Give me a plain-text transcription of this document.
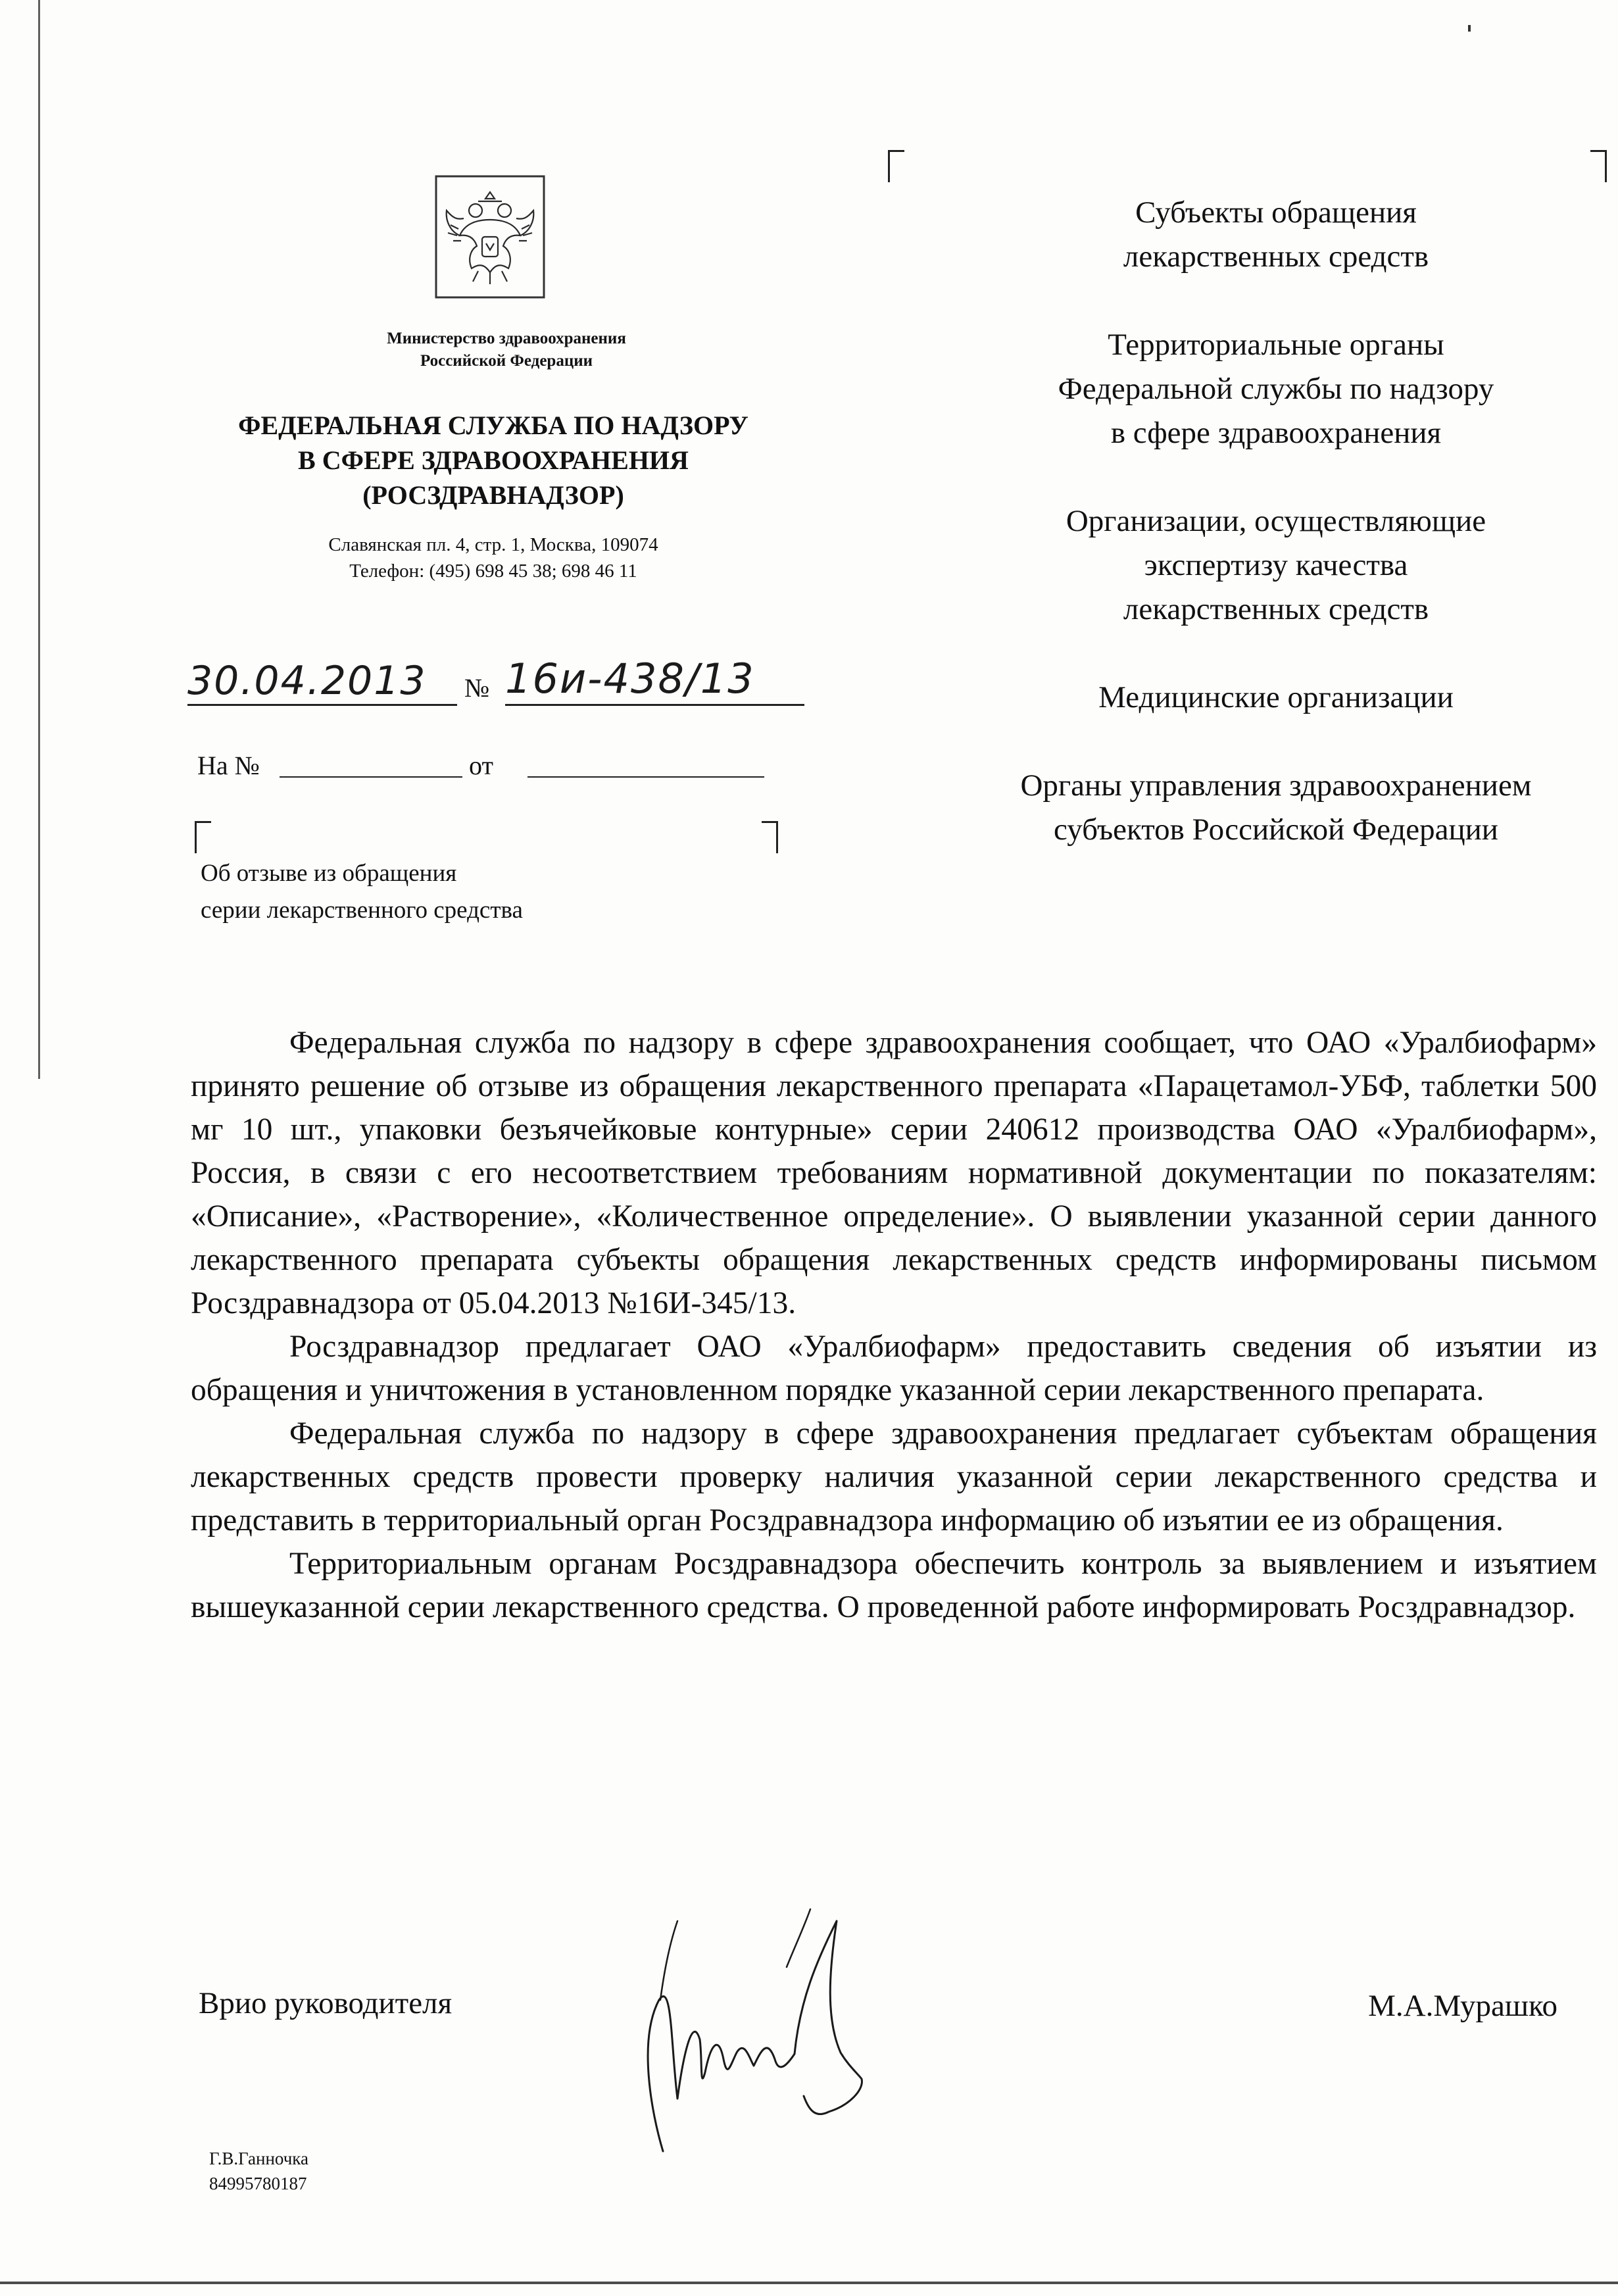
Министерство здравоохранения
Российской Федерации
ФЕДЕРАЛЬНАЯ СЛУЖБА ПО НАДЗОРУ
В СФЕРЕ ЗДРАВООХРАНЕНИЯ
(РОСЗДРАВНАДЗОР)
Славянская пл. 4, стр. 1, Москва, 109074
Телефон: (495) 698 45 38; 698 46 11
30.04.2013 № 16и-438/13
На №	от
Об отзыве из обращения
серии лекарственного средства

Субъекты обращения
лекарственных средств

Территориальные органы
Федеральной службы по надзору
в сфере здравоохранения

Организации, осуществляющие
экспертизу качества
лекарственных средств

Медицинские организации

Органы управления здравоохранением
субъектов Российской Федерации

Федеральная служба по надзору в сфере здравоохранения сообщает, что ОАО «Уралбиофарм» принято решение об отзыве из обращения лекарственного препарата «Парацетамол-УБФ, таблетки 500 мг 10 шт., упаковки безъячейковые контурные» серии 240612 производства ОАО «Уралбиофарм», Россия, в связи с его несоответствием требованиям нормативной документации по показателям: «Описание», «Растворение», «Количественное определение». О выявлении указанной серии данного лекарственного препарата субъекты обращения лекарственных средств информированы письмом Росздравнадзора от 05.04.2013 №16И-345/13.

Росздравнадзор предлагает ОАО «Уралбиофарм» предоставить сведения об изъятии из обращения и уничтожения в установленном порядке указанной серии лекарственного препарата.

Федеральная служба по надзору в сфере здравоохранения предлагает субъектам обращения лекарственных средств провести проверку наличия указанной серии лекарственного средства и представить в территориальный орган Росздравнадзора информацию об изъятии ее из обращения.

Территориальным органам Росздравнадзора обеспечить контроль за выявлением и изъятием вышеуказанной серии лекарственного средства. О проведенной работе информировать Росздравнадзор.

Врио руководителя	М.А.Мурашко
Г.В.Ганночка
84995780187
